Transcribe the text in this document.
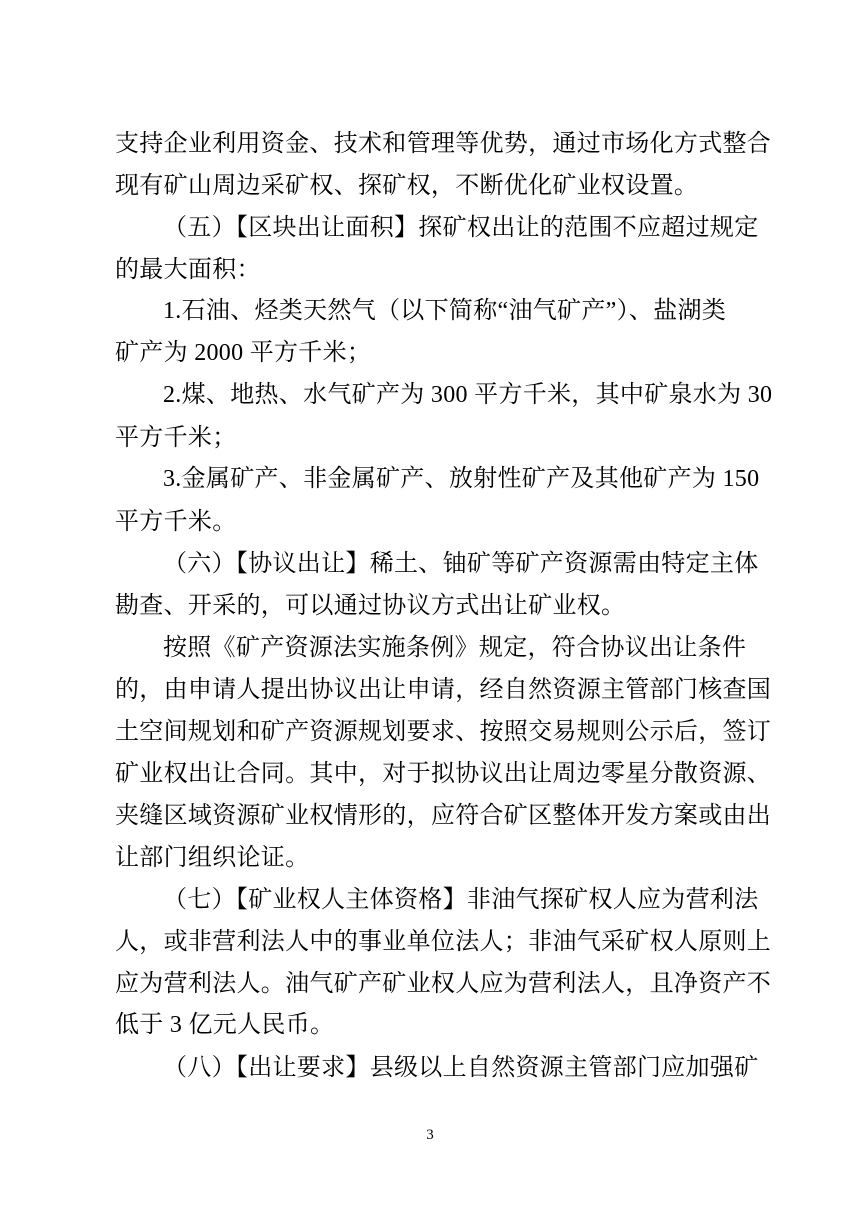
支持企业利用资金、技术和管理等优势，通过市场化方式整合
现有矿山周边采矿权、探矿权，不断优化矿业权设置。
（五）【区块出让面积】探矿权出让的范围不应超过规定
的最大面积：
1.石油、烃类天然气（以下简称“油气矿产”）、盐湖类
矿产为 2000 平方千米；
2.煤、地热、水气矿产为 300 平方千米，其中矿泉水为 30
平方千米；
3.金属矿产、非金属矿产、放射性矿产及其他矿产为 150
平方千米。
（六）【协议出让】稀土、铀矿等矿产资源需由特定主体
勘查、开采的，可以通过协议方式出让矿业权。
按照《矿产资源法实施条例》规定，符合协议出让条件
的，由申请人提出协议出让申请，经自然资源主管部门核查国
土空间规划和矿产资源规划要求、按照交易规则公示后，签订
矿业权出让合同。其中，对于拟协议出让周边零星分散资源、
夹缝区域资源矿业权情形的，应符合矿区整体开发方案或由出
让部门组织论证。
（七）【矿业权人主体资格】非油气探矿权人应为营利法
人，或非营利法人中的事业单位法人；非油气采矿权人原则上
应为营利法人。油气矿产矿业权人应为营利法人，且净资产不
低于 3 亿元人民币。
（八）【出让要求】县级以上自然资源主管部门应加强矿
3
